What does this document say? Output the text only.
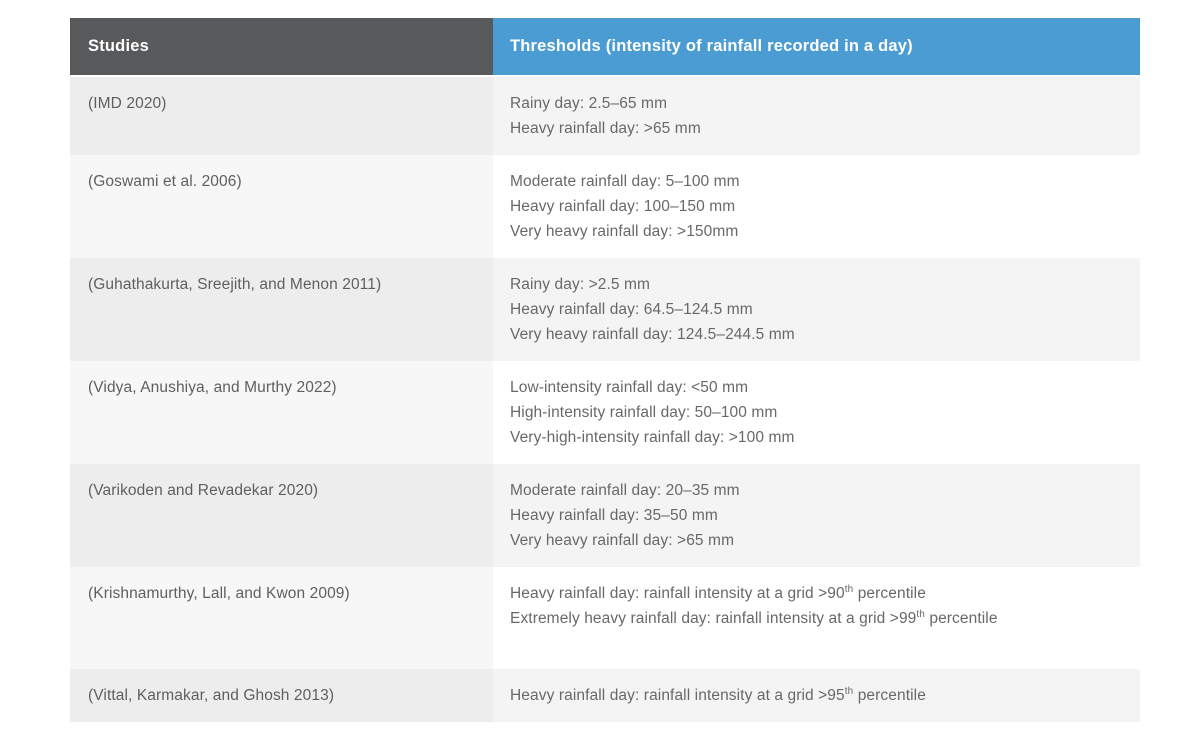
Studies	Thresholds (intensity of rainfall recorded in a day)
(IMD 2020)	Rainy day: 2.5–65 mm
Heavy rainfall day: >65 mm

(Goswami et al. 2006)	Moderate rainfall day: 5–100 mm
Heavy rainfall day: 100–150 mm
Very heavy rainfall day: >150mm

(Guhathakurta, Sreejith, and Menon 2011)	Rainy day: >2.5 mm
Heavy rainfall day: 64.5–124.5 mm
Very heavy rainfall day: 124.5–244.5 mm

(Vidya, Anushiya, and Murthy 2022)	Low-intensity rainfall day: <50 mm
High-intensity rainfall day: 50–100 mm
Very-high-intensity rainfall day: >100 mm

(Varikoden and Revadekar 2020)	Moderate rainfall day: 20–35 mm
Heavy rainfall day: 35–50 mm
Very heavy rainfall day: >65 mm

(Krishnamurthy, Lall, and Kwon 2009)	Heavy rainfall day: rainfall intensity at a grid >90th percentile
Extremely heavy rainfall day: rainfall intensity at a grid >99th percentile

(Vittal, Karmakar, and Ghosh 2013)	Heavy rainfall day: rainfall intensity at a grid >95th percentile
